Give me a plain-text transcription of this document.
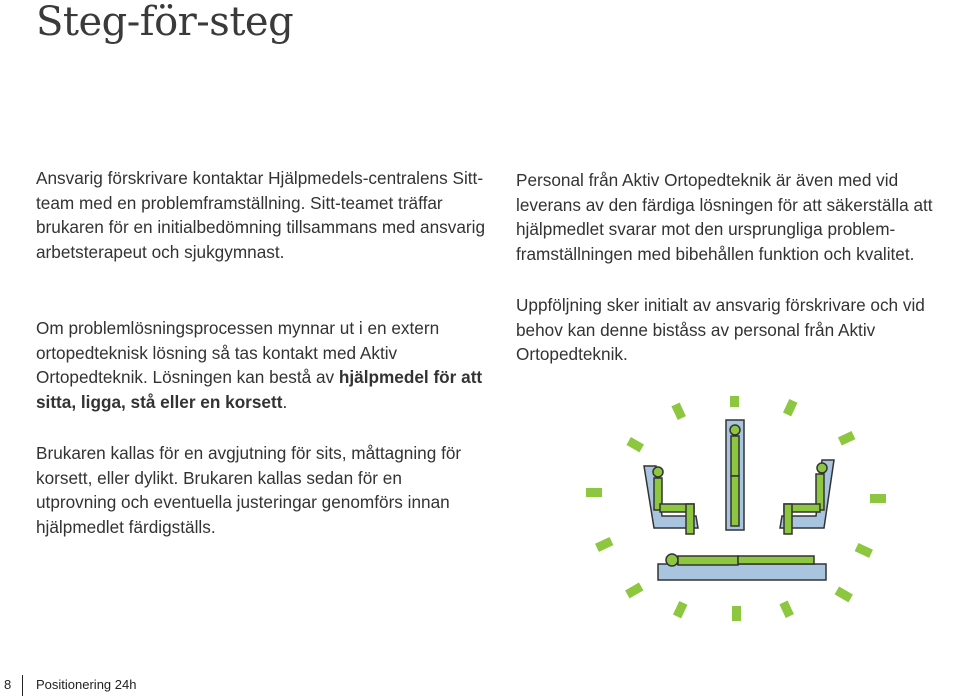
Steg-för-steg

Ansvarig förskrivare kontaktar Hjälpmedels-centralens Sitt-team med en problemframställning. Sitt-teamet träffar brukaren för en initialbedömning tillsammans med ansvarig arbetsterapeut och sjukgymnast.

Om problemlösningsprocessen mynnar ut i en extern ortopedteknisk lösning så tas kontakt med Aktiv Ortopedteknik. Lösningen kan bestå av hjälpmedel för att sitta, ligga, stå eller en korsett.

Brukaren kallas för en avgjutning för sits, måttagning för korsett, eller dylikt. Brukaren kallas sedan för en utprovning och eventuella justeringar genomförs innan hjälpmedlet färdigställs.

Personal från Aktiv Ortopedteknik är även med vid leverans av den färdiga lösningen för att säkerställa att hjälpmedlet svarar mot den ursprungliga problem-framställningen med bibehållen funktion och kvalitet.

Uppföljning sker initialt av ansvarig förskrivare och vid behov kan denne biståss av personal från Aktiv Ortopedteknik.

8 Positionering 24h
